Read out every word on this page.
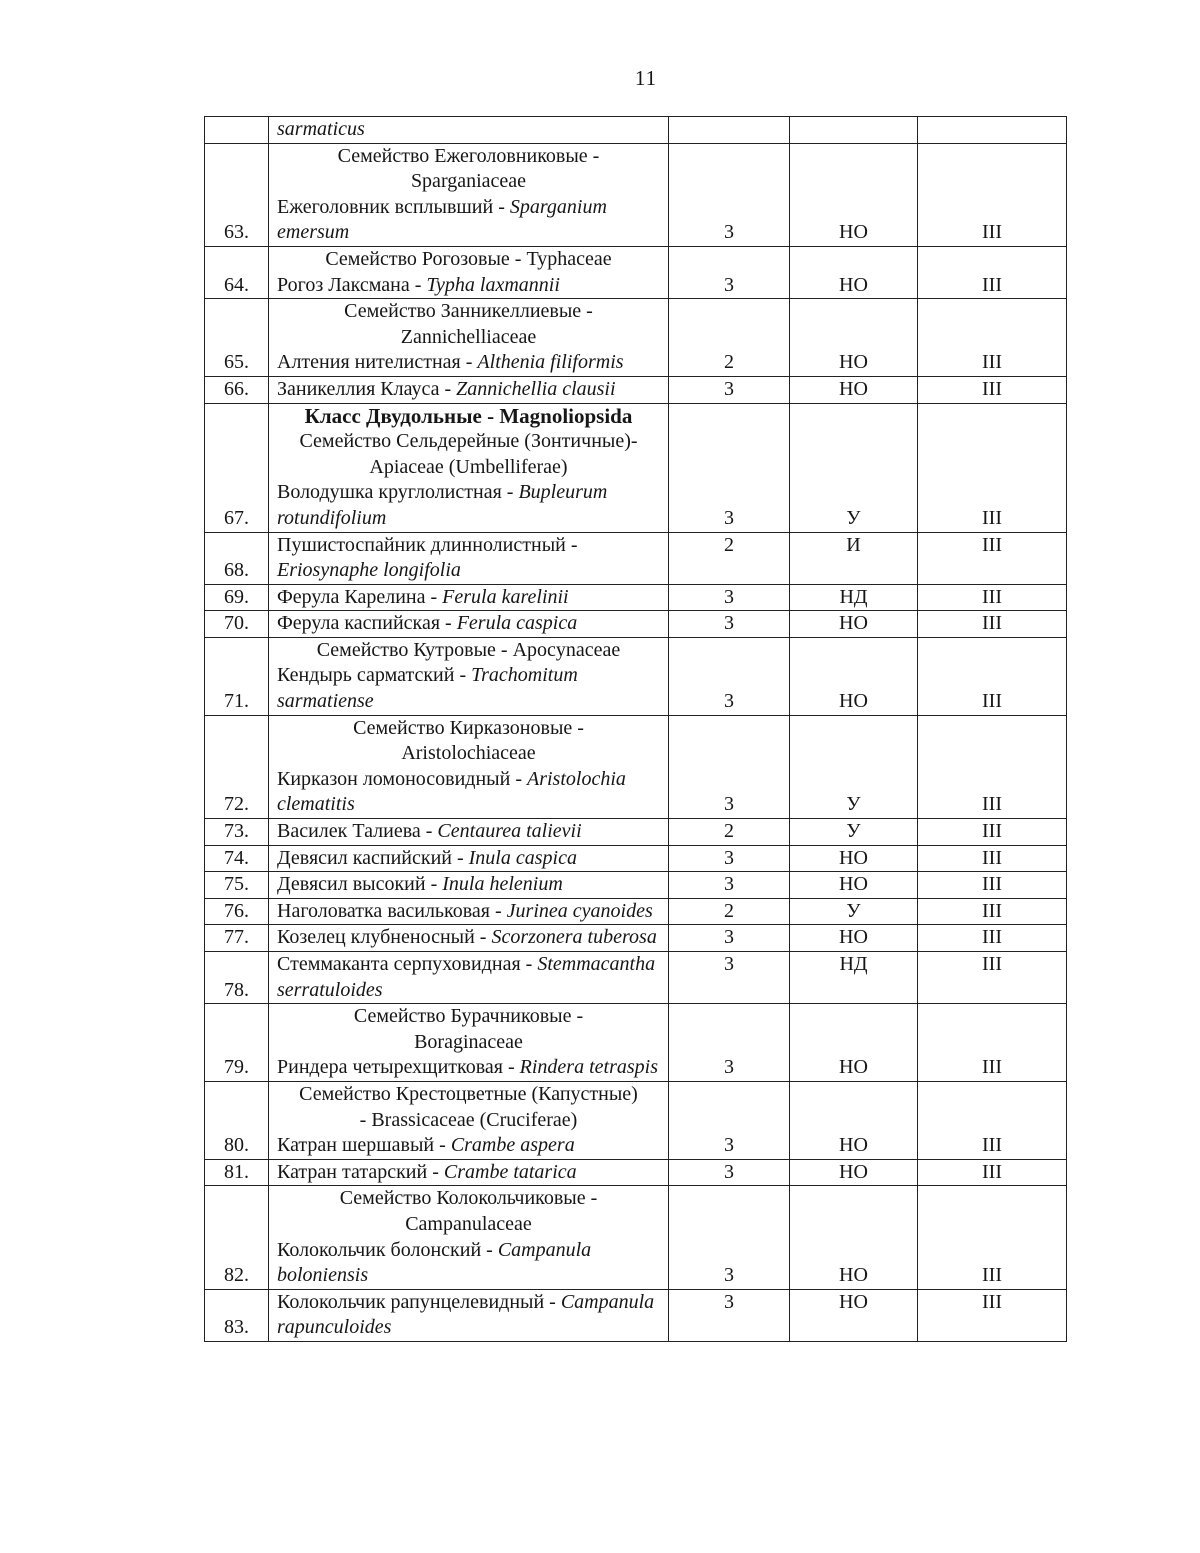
11
	sarmaticus			
63.	Семейство Ежеголовниковые -
Sparganiaceae
Ежеголовник всплывший - Sparganium emersum	3	НО	III
64.	Семейство Рогозовые - Typhaceae
Рогоз Лаксмана - Typha laxmannii	3	НО	III
65.	Семейство Занникеллиевые -
Zannichelliaceae
Алтения нителистная - Althenia filiformis	2	НО	III
66.	Заникеллия Клауса - Zannichellia clausii	3	НО	III
67.	Класс Двудольные - Magnoliopsida
Семейство Сельдерейные (Зонтичные)-
Apiaceae (Umbelliferae)
Володушка круглолистная - Bupleurum rotundifolium	3	У	III
68.	Пушистоспайник длиннолистный - Eriosynaphe longifolia	2	И	III
69.	Ферула Карелина - Ferula karelinii	3	НД	III
70.	Ферула каспийская - Ferula caspica	3	НО	III
71.	Семейство Кутровые - Apocynaceae
Кендырь сарматский - Trachomitum sarmatiense	3	НО	III
72.	Семейство Кирказоновые -
Aristolochiaceae
Кирказон ломоносовидный - Aristolochia clematitis	3	У	III
73.	Василек Талиева - Centaurea talievii	2	У	III
74.	Девясил каспийский - Inula caspica	3	НО	III
75.	Девясил высокий - Inula helenium	3	НО	III
76.	Наголоватка васильковая - Jurinea cyanoides	2	У	III
77.	Козелец клубненосный - Scorzonera tuberosa	3	НО	III
78.	Стеммаканта серпуховидная - Stemmacantha serratuloides	3	НД	III
79.	Семейство Бурачниковые -
Boraginaceae
Риндера четырехщитковая - Rindera tetraspis	3	НО	III
80.	Семейство Крестоцветные (Капустные)
- Brassicaceae (Cruciferae)
Катран шершавый - Crambe aspera	3	НО	III
81.	Катран татарский - Crambe tatarica	3	НО	III
82.	Семейство Колокольчиковые -
Campanulaceae
Колокольчик болонский - Campanula boloniensis	3	НО	III
83.	Колокольчик рапунцелевидный - Campanula rapunculoides	3	НО	III
